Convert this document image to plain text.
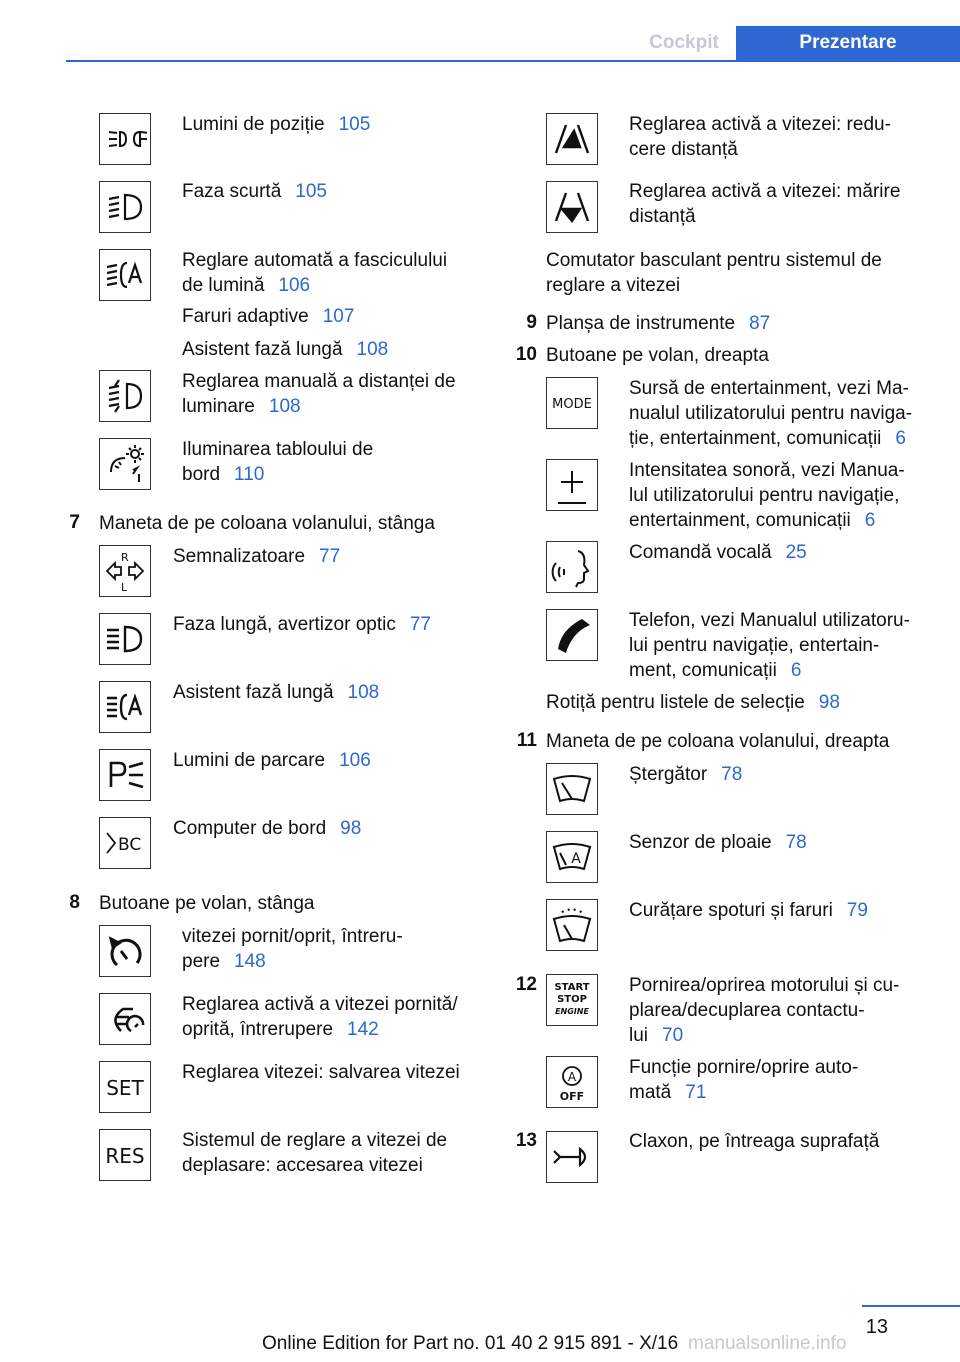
Cockpit	Prezentare
Lumini de poziție 105
Faza scurtă 105
Reglare automată a fasciculului
de lumină 106
Faruri adaptive 107
Asistent fază lungă 108
Reglarea manuală a distanței de
luminare 108
Iluminarea tabloului de
bord 110
7 Maneta de pe coloana volanului, stânga
R
L
Semnalizatoare 77
Faza lungă, avertizor optic 77
Asistent fază lungă 108
Lumini de parcare 106
BC
Computer de bord 98
8 Butoane pe volan, stânga
vitezei pornit/oprit, întreru-
pere 148
Reglarea activă a vitezei pornită/
oprită, întrerupere 142
SET
Reglarea vitezei: salvarea vitezei
RES
Sistemul de reglare a vitezei de
deplasare: accesarea vitezei
Reglarea activă a vitezei: redu-
cere distanță
Reglarea activă a vitezei: mărire
distanță
Comutator basculant pentru sistemul de
reglare a vitezei
9 Planșa de instrumente 87
10 Butoane pe volan, dreapta
MODE
Sursă de entertainment, vezi Ma-
nualul utilizatorului pentru naviga-
ție, entertainment, comunicații 6
Intensitatea sonoră, vezi Manua-
lul utilizatorului pentru navigație,
entertainment, comunicații 6
Comandă vocală 25
Telefon, vezi Manualul utilizatoru-
lui pentru navigație, entertain-
ment, comunicații 6
Rotiță pentru listele de selecție 98
11 Maneta de pe coloana volanului, dreapta
Ștergător 78
A
Senzor de ploaie 78
Curățare spoturi și faruri 79
12 START
STOP
ENGINE
Pornirea/oprirea motorului și cu-
plarea/decuplarea contactu-
lui 70
A
OFF
Funcție pornire/oprire auto-
mată 71
13	Claxon, pe întreaga suprafață
13
Online Edition for Part no. 01 40 2 915 891 - X/16 manualsonline.info
